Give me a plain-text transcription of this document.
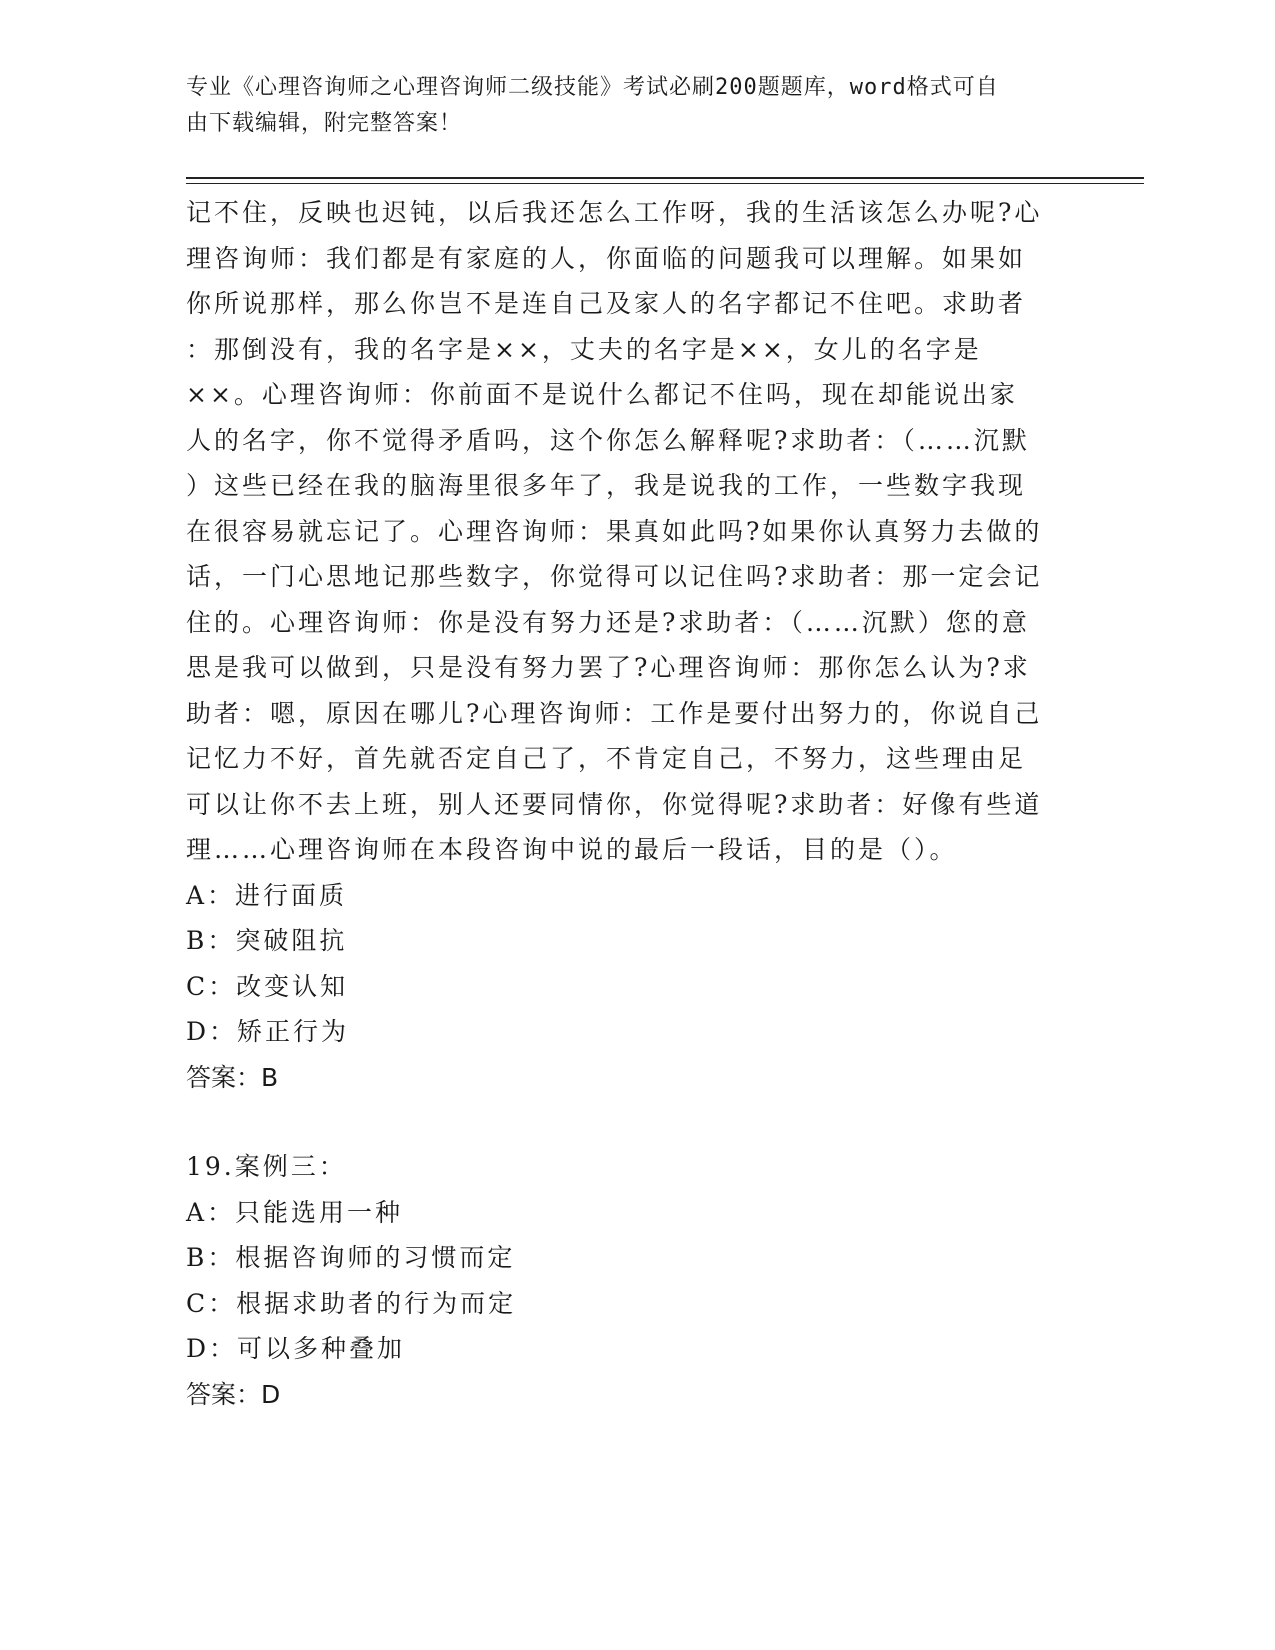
专业《心理咨询师之心理咨询师二级技能》考试必刷200题题库，word格式可自
由下载编辑，附完整答案！

记不住，反映也迟钝，以后我还怎么工作呀，我的生活该怎么办呢?心

理咨询师：我们都是有家庭的人，你面临的问题我可以理解。如果如

你所说那样，那么你岂不是连自己及家人的名字都记不住吧。求助者

：那倒没有，我的名字是××，丈夫的名字是××，女儿的名字是

××。心理咨询师：你前面不是说什么都记不住吗，现在却能说出家

人的名字，你不觉得矛盾吗，这个你怎么解释呢?求助者：（……沉默

）这些已经在我的脑海里很多年了，我是说我的工作，一些数字我现

在很容易就忘记了。心理咨询师：果真如此吗?如果你认真努力去做的

话，一门心思地记那些数字，你觉得可以记住吗?求助者：那一定会记

住的。心理咨询师：你是没有努力还是?求助者：（……沉默）您的意

思是我可以做到，只是没有努力罢了?心理咨询师：那你怎么认为?求

助者：嗯，原因在哪儿?心理咨询师：工作是要付出努力的，你说自己

记忆力不好，首先就否定自己了，不肯定自己，不努力，这些理由足

可以让你不去上班，别人还要同情你，你觉得呢?求助者：好像有些道

理……心理咨询师在本段咨询中说的最后一段话，目的是（）。

A：进行面质

B：突破阻抗

C：改变认知

D：矫正行为

答案：B

19.案例三：

A：只能选用一种

B：根据咨询师的习惯而定

C：根据求助者的行为而定

D：可以多种叠加

答案：D
